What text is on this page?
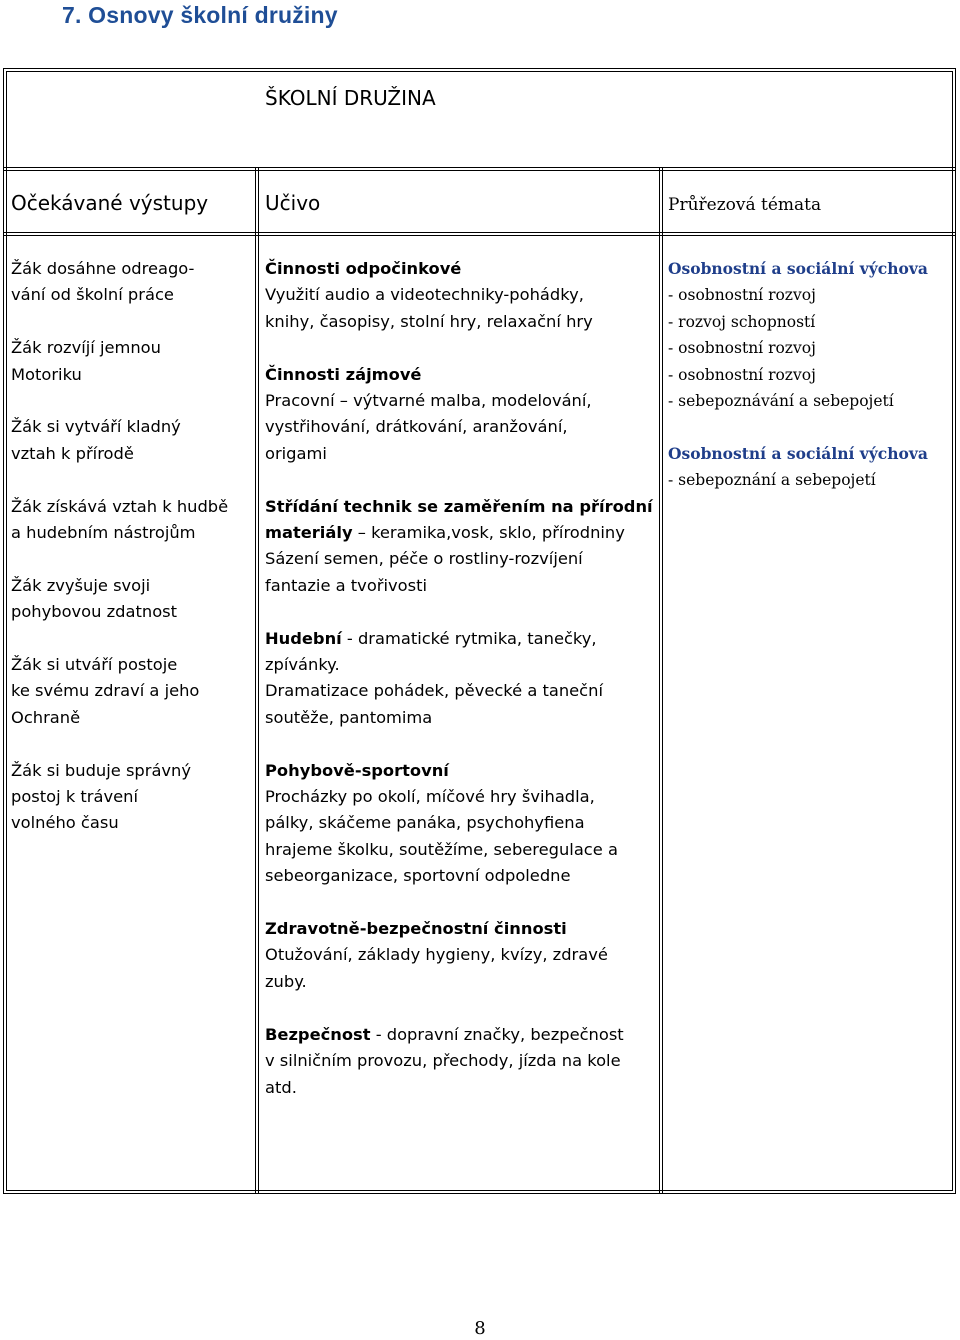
7. Osnovy školní družiny
ŠKOLNÍ DRUŽINA
Očekávané výstupy	Učivo	Průřezová témata

Žák dosáhne odreago-

vání od školní práce

Žák rozvíjí jemnou

Motoriku

Žák si vytváří kladný

vztah k přírodě

Žák získává vztah k hudbě

a hudebním nástrojům

Žák zvyšuje svoji

pohybovou zdatnost

Žák si utváří postoje

ke svému zdraví a jeho

Ochraně

Žák si buduje správný

postoj k trávení

volného času

Činnosti odpočinkové

Využití audio a videotechniky-pohádky,

knihy, časopisy, stolní hry, relaxační hry

Činnosti zájmové

Pracovní – výtvarné malba, modelování,

vystřihování, drátkování, aranžování,

origami

Střídání technik se zaměřením na přírodní

materiály – keramika,vosk, sklo, přírodniny

Sázení semen, péče o rostliny-rozvíjení

fantazie a tvořivosti

Hudební - dramatické rytmika, tanečky,

zpívánky.

Dramatizace pohádek, pěvecké a taneční

soutěže, pantomima

Pohybově-sportovní

Procházky po okolí, míčové hry švihadla,

pálky, skáčeme panáka, psychohyfiena

hrajeme školku, soutěžíme, seberegulace a

sebeorganizace, sportovní odpoledne

Zdravotně-bezpečnostní činnosti

Otužování, základy hygieny, kvízy, zdravé

zuby.

Bezpečnost - dopravní značky, bezpečnost

v silničním provozu, přechody, jízda na kole

atd.

Osobnostní a sociální výchova

- osobnostní rozvoj

- rozvoj schopností

- osobnostní rozvoj

- osobnostní rozvoj

- sebepoznávání a sebepojetí

Osobnostní a sociální výchova

- sebepoznání a sebepojetí

8
